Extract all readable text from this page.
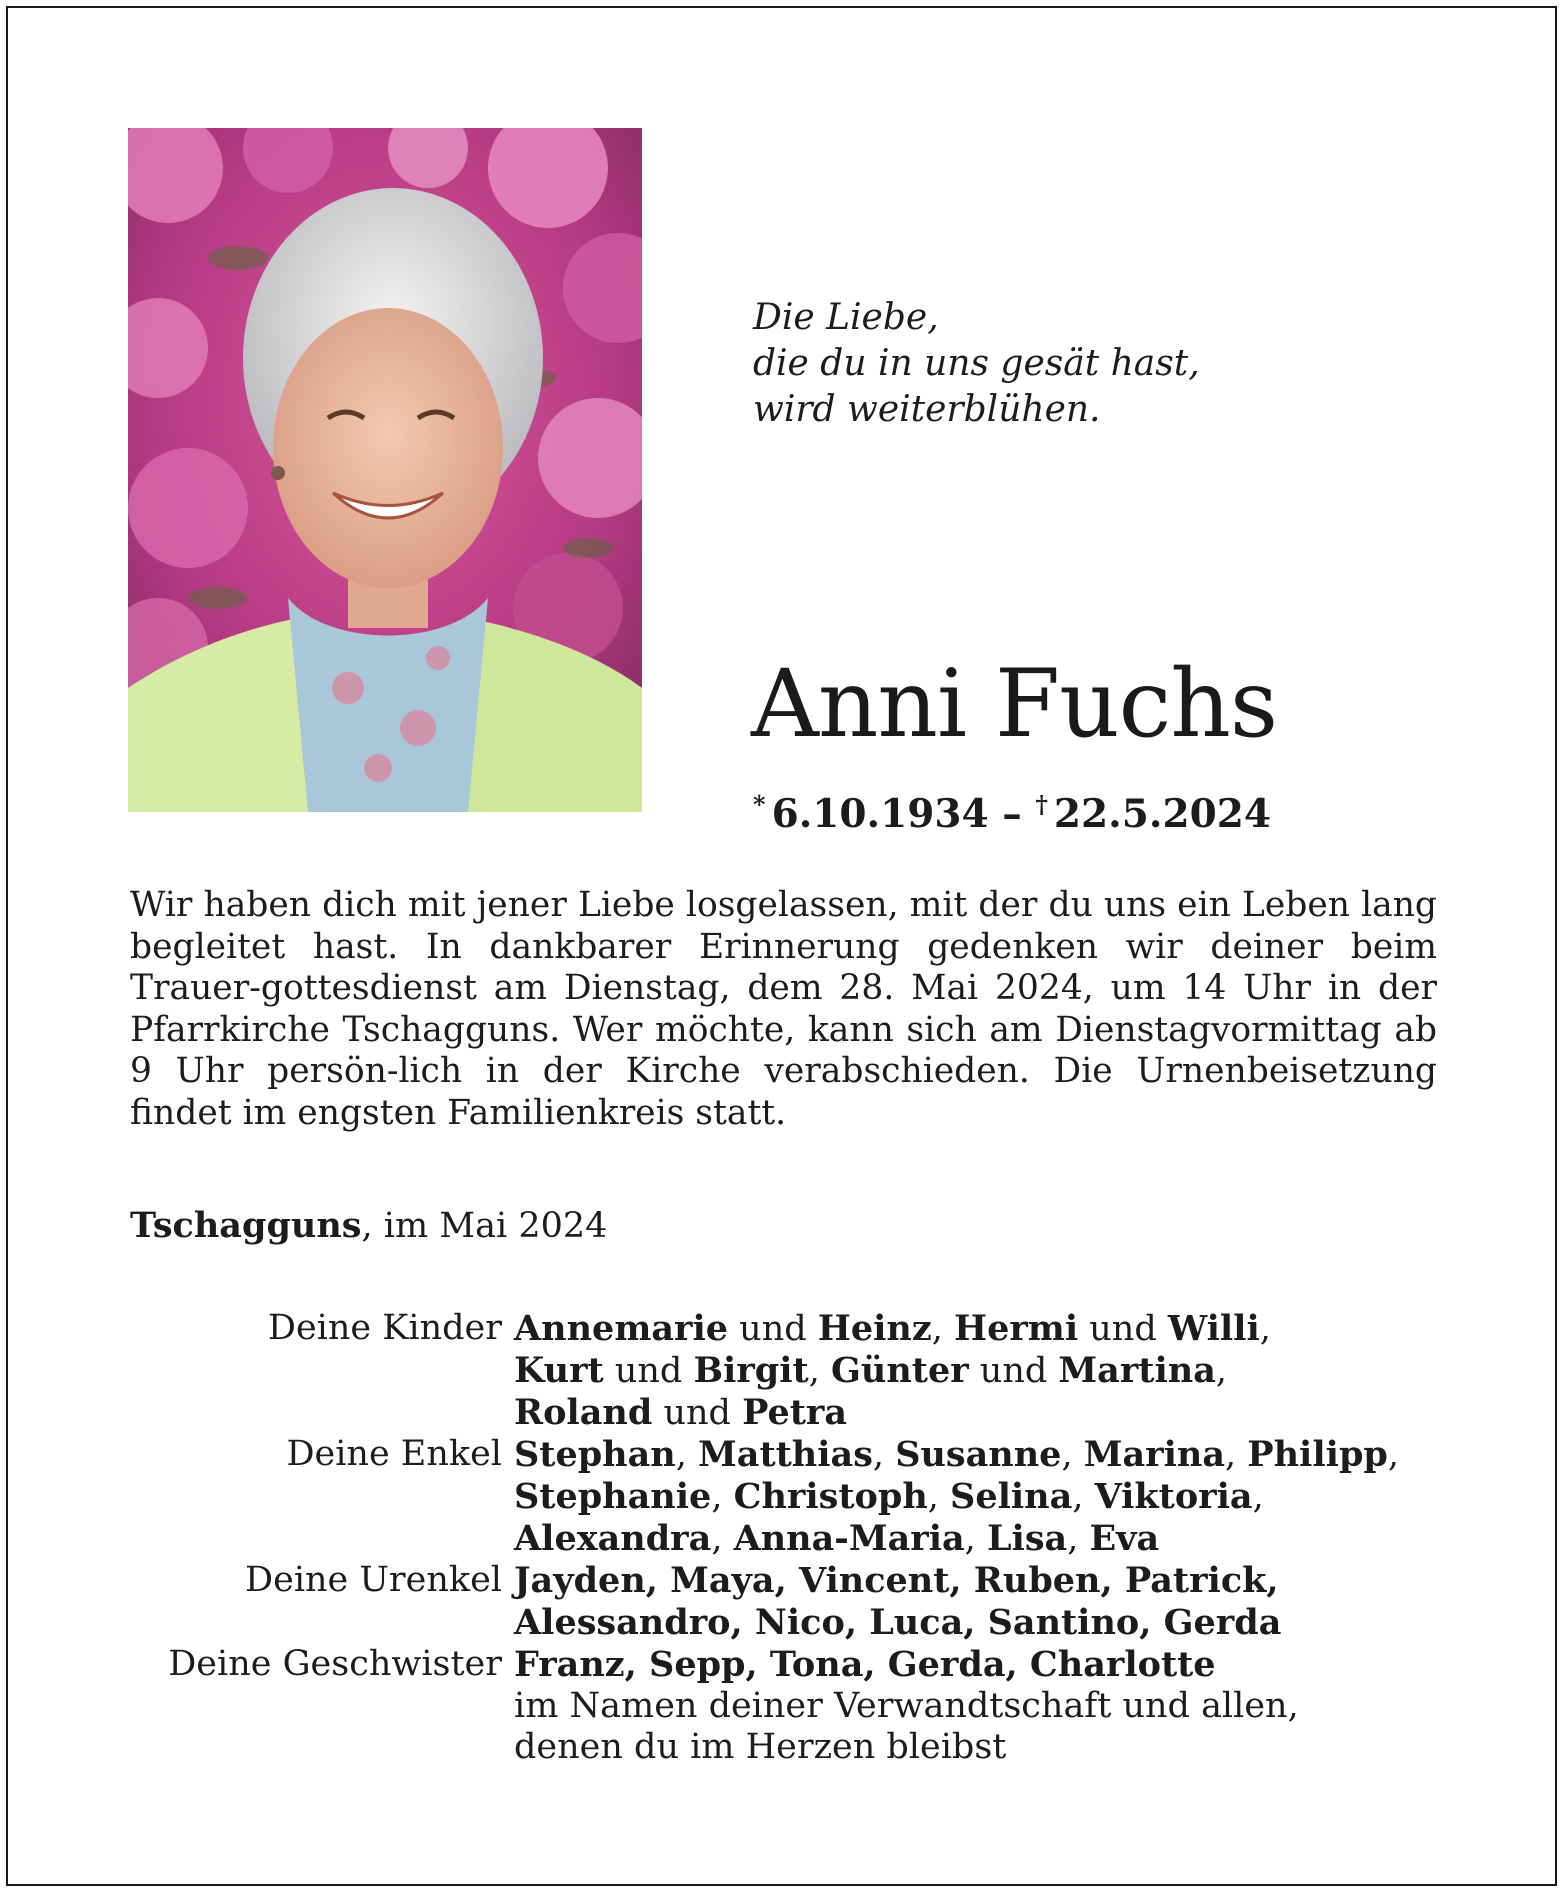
Die Liebe,
die du in uns gesät hast,
wird weiterblühen.
Anni Fuchs
* 6.10.1934 – † 22.5.2024
Wir haben dich mit jener Liebe losgelassen, mit der du uns ein Leben lang begleitet hast. In dankbarer Erinnerung gedenken wir deiner beim Trauer-gottesdienst am Dienstag, dem 28. Mai 2024, um 14 Uhr in der Pfarrkirche Tschagguns. Wer möchte, kann sich am Dienstagvormittag ab 9 Uhr persön-lich in der Kirche verabschieden. Die Urnenbeisetzung findet im engsten Familienkreis statt.
Tschagguns, im Mai 2024
Deine Kinder Annemarie und Heinz, Hermi und Willi,
Kurt und Birgit, Günter und Martina,
Roland und Petra
Deine Enkel Stephan, Matthias, Susanne, Marina, Philipp,
Stephanie, Christoph, Selina, Viktoria,
Alexandra, Anna-Maria, Lisa, Eva
Deine Urenkel Jayden, Maya, Vincent, Ruben, Patrick,
Alessandro, Nico, Luca, Santino, Gerda
Deine Geschwister Franz, Sepp, Tona, Gerda, Charlotte
im Namen deiner Verwandtschaft und allen,
denen du im Herzen bleibst
